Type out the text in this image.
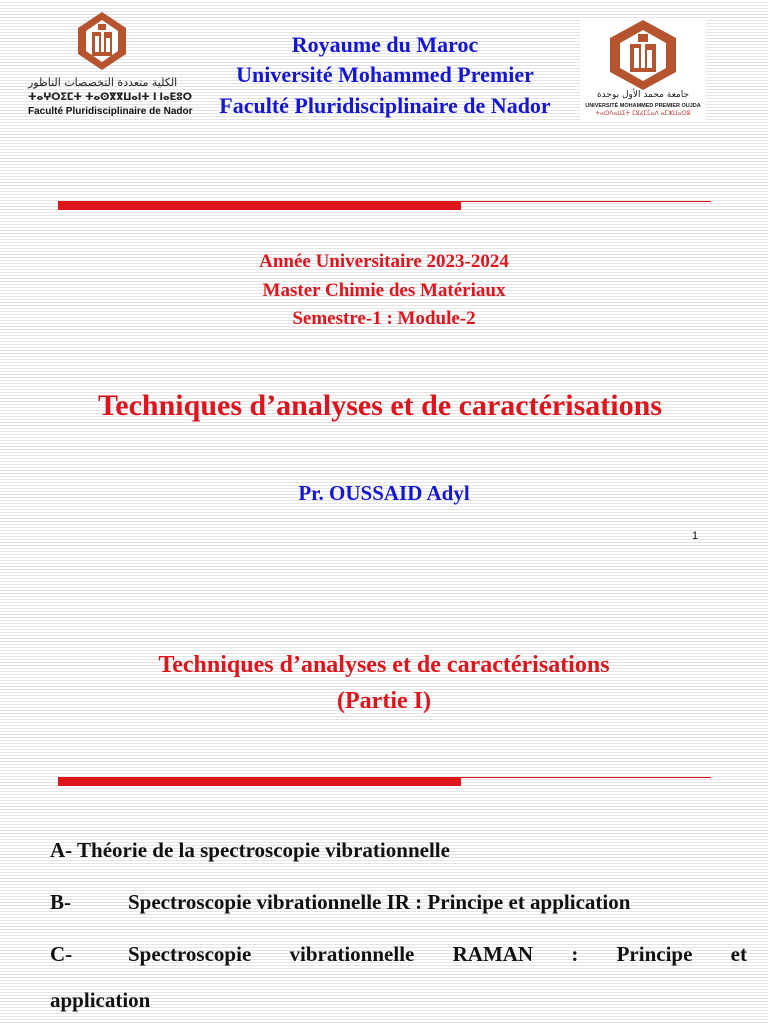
الكلية متعددة التخصصات الناظور
ⵜⴰⵖⵔⵉⵎⵜ ⵜⴰⵙⴳⴳⵡⴰⵏⵜ ⵏ ⵏⴰⴹⵓⵔ
Faculté Pluridisciplinaire de Nador
Royaume du Maroc
Université Mohammed Premier
Faculté Pluridisciplinaire de Nador	جامعة محمد الأول بوجدة
UNIVERSITÉ MOHAMMED PREMIER OUJDA
ⵜⴰⵙⴷⴰⵡⵉⵜ ⵎⵓⵃⵎⵎⴰⴷ ⴰⵎⵣⵡⴰⵔⵓ
Année Universitaire 2023-2024
Master Chimie des Matériaux
Semestre-1 : Module-2
Techniques d’analyses et de caractérisations
Pr. OUSSAID Adyl
1
Techniques d’analyses et de caractérisations
(Partie I)
A- Théorie de la spectroscopie vibrationnelle
B-	Spectroscopie vibrationnelle IR : Principe et application
C-	Spectroscopie vibrationnelle RAMAN : Principe et
application
